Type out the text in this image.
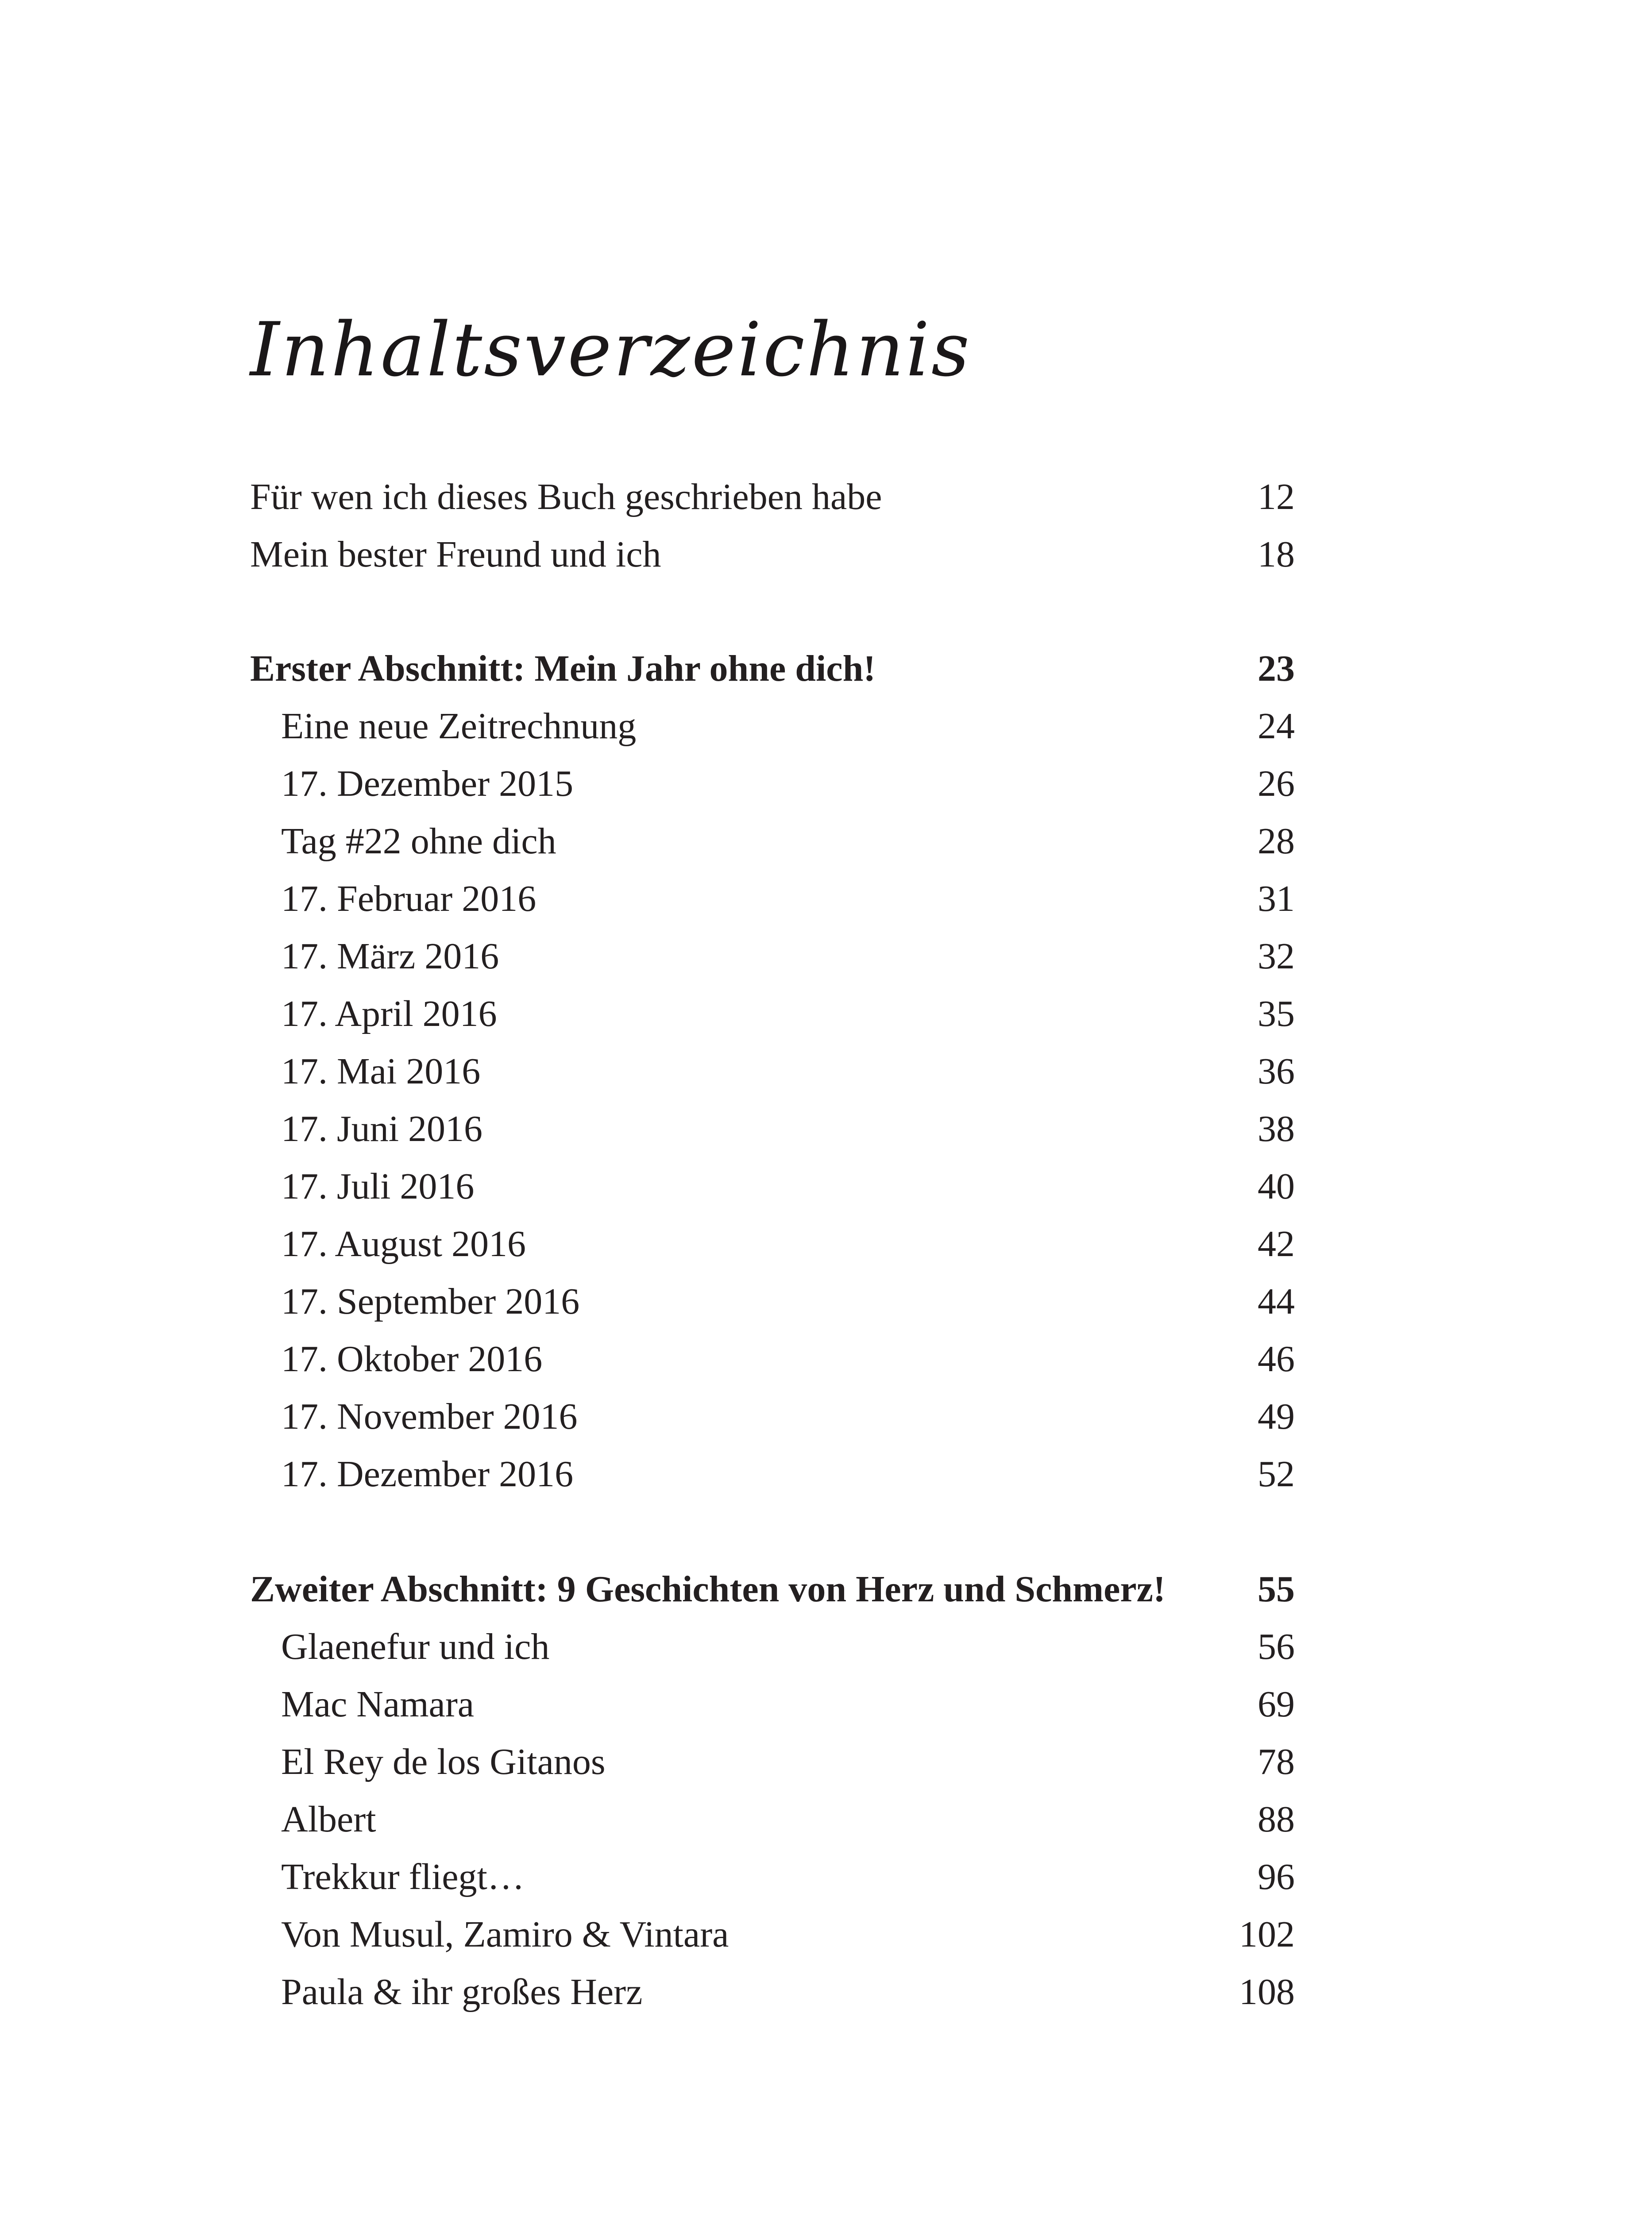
Inhaltsverzeichnis
Für wen ich dieses Buch geschrieben habe	12
Mein bester Freund und ich	18
Erster Abschnitt: Mein Jahr ohne dich!	23
Eine neue Zeitrechnung	24
17. Dezember 2015	26
Tag #22 ohne dich	28
17. Februar 2016	31
17. März 2016	32
17. April 2016	35
17. Mai 2016	36
17. Juni 2016	38
17. Juli 2016	40
17. August 2016	42
17. September 2016	44
17. Oktober 2016	46
17. November 2016	49
17. Dezember 2016	52
Zweiter Abschnitt: 9 Geschichten von Herz und Schmerz! 55
Glaenefur und ich	56
Mac Namara	69
El Rey de los Gitanos	78
Albert	88
Trekkur fliegt…	96
Von Musul, Zamiro & Vintara	102
Paula & ihr großes Herz	108
